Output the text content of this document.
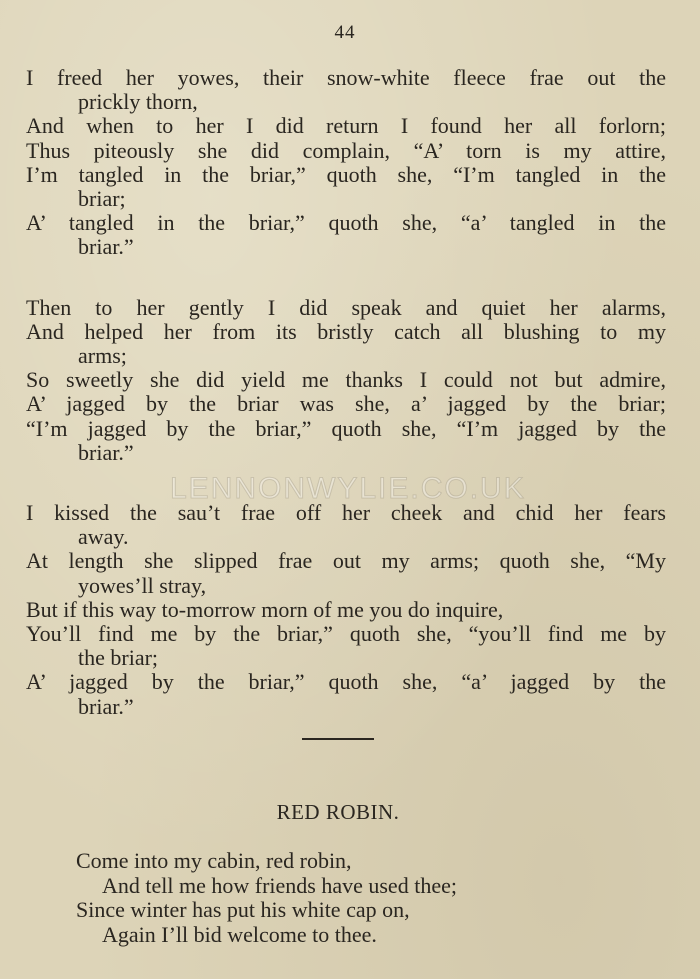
44
I freed her yowes, their snow-white fleece frae out the
prickly thorn,
And when to her I did return I found her all forlorn;
Thus piteously she did complain, “A’ torn is my attire,
I’m tangled in the briar,” quoth she, “I’m tangled in the
briar;
A’ tangled in the briar,” quoth she, “a’ tangled in the
briar.”
Then to her gently I did speak and quiet her alarms,
And helped her from its bristly catch all blushing to my
arms;
So sweetly she did yield me thanks I could not but admire,
A’ jagged by the briar was she, a’ jagged by the briar;
“I’m jagged by the briar,” quoth she, “I’m jagged by the
briar.”
I kissed the sau’t frae off her cheek and chid her fears
away.
At length she slipped frae out my arms; quoth she, “My
yowes’ll stray,
But if this way to-morrow morn of me you do inquire,
You’ll find me by the briar,” quoth she, “you’ll find me by
the briar;
A’ jagged by the briar,” quoth she, “a’ jagged by the
briar.”
LENNONWYLIE.CO.UK
RED ROBIN.
Come into my cabin, red robin,
And tell me how friends have used thee;
Since winter has put his white cap on,
Again I’ll bid welcome to thee.
